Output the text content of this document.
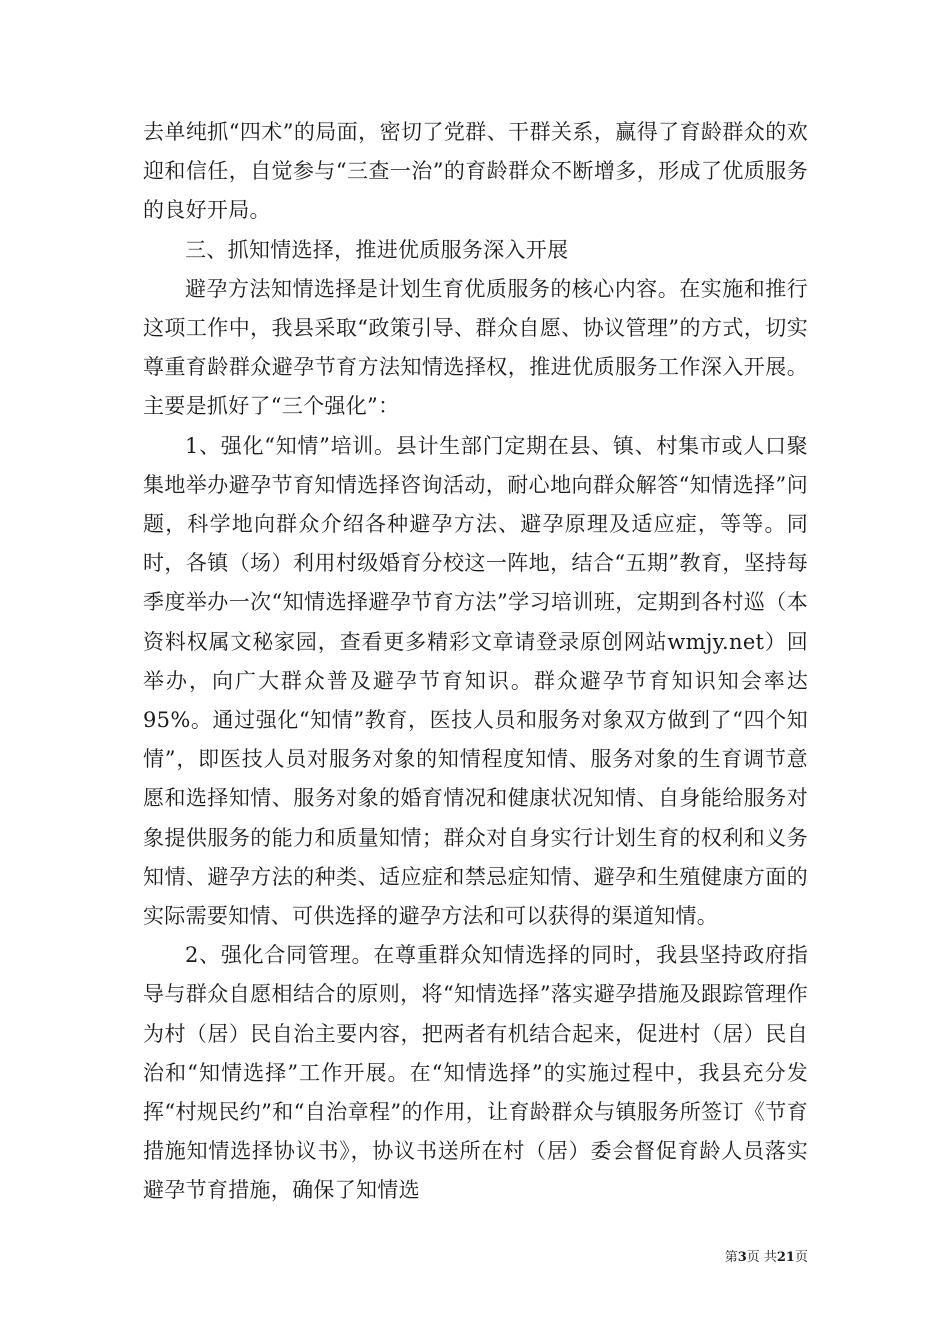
去单纯抓“四术”的局面，密切了党群、干群关系，赢得了育龄群众的欢迎和信任，自觉参与“三查一治”的育龄群众不断增多，形成了优质服务的良好开局。

三、抓知情选择，推进优质服务深入开展

避孕方法知情选择是计划生育优质服务的核心内容。在实施和推行这项工作中，我县采取“政策引导、群众自愿、协议管理”的方式，切实尊重育龄群众避孕节育方法知情选择权，推进优质服务工作深入开展。主要是抓好了“三个强化”：

1、强化“知情”培训。县计生部门定期在县、镇、村集市或人口聚集地举办避孕节育知情选择咨询活动，耐心地向群众解答“知情选择”问题，科学地向群众介绍各种避孕方法、避孕原理及适应症，等等。同时，各镇（场）利用村级婚育分校这一阵地，结合“五期”教育，坚持每季度举办一次“知情选择避孕节育方法”学习培训班，定期到各村巡（本资料权属文秘家园，查看更多精彩文章请登录原创网站wmjy.net）回举办，向广大群众普及避孕节育知识。群众避孕节育知识知会率达95%。通过强化“知情”教育，医技人员和服务对象双方做到了“四个知情”，即医技人员对服务对象的知情程度知情、服务对象的生育调节意愿和选择知情、服务对象的婚育情况和健康状况知情、自身能给服务对象提供服务的能力和质量知情；群众对自身实行计划生育的权利和义务知情、避孕方法的种类、适应症和禁忌症知情、避孕和生殖健康方面的实际需要知情、可供选择的避孕方法和可以获得的渠道知情。

2、强化合同管理。在尊重群众知情选择的同时，我县坚持政府指导与群众自愿相结合的原则，将“知情选择”落实避孕措施及跟踪管理作为村（居）民自治主要内容，把两者有机结合起来，促进村（居）民自治和“知情选择”工作开展。在“知情选择”的实施过程中，我县充分发挥“村规民约”和“自治章程”的作用，让育龄群众与镇服务所签订《节育措施知情选择协议书》，协议书送所在村（居）委会督促育龄人员落实避孕节育措施，确保了知情选

第3页 共21页
